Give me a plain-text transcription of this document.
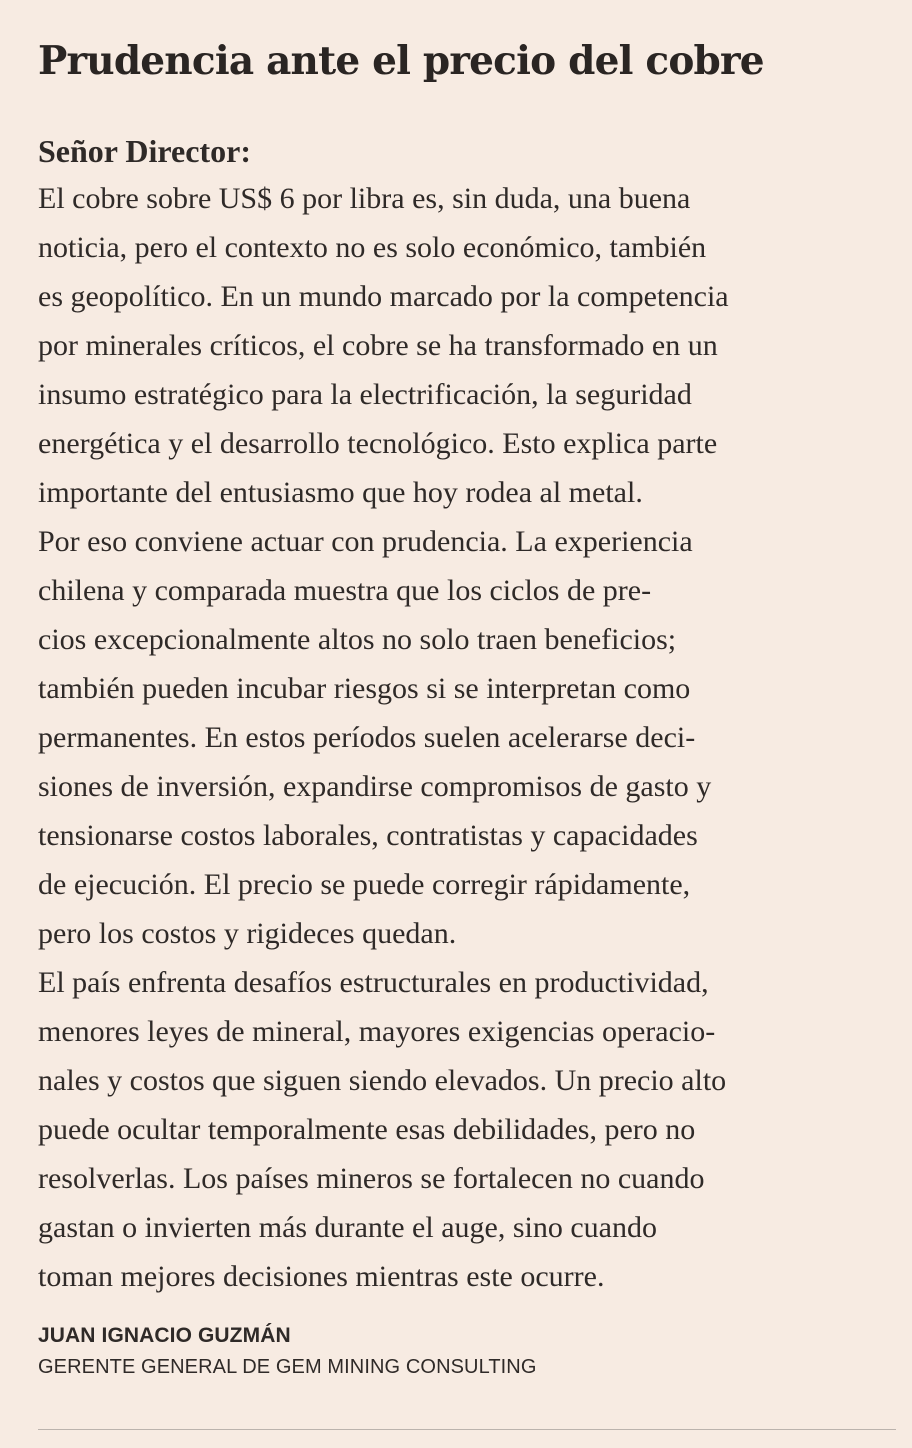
Prudencia ante el precio del cobre
Señor Director:

El cobre sobre US$ 6 por libra es, sin duda, una buena
noticia, pero el contexto no es solo económico, también
es geopolítico. En un mundo marcado por la competencia
por minerales críticos, el cobre se ha transformado en un
insumo estratégico para la electrificación, la seguridad
energética y el desarrollo tecnológico. Esto explica parte
importante del entusiasmo que hoy rodea al metal.

Por eso conviene actuar con prudencia. La experiencia
chilena y comparada muestra que los ciclos de pre-
cios excepcionalmente altos no solo traen beneficios;
también pueden incubar riesgos si se interpretan como
permanentes. En estos períodos suelen acelerarse deci-
siones de inversión, expandirse compromisos de gasto y
tensionarse costos laborales, contratistas y capacidades
de ejecución. El precio se puede corregir rápidamente,
pero los costos y rigideces quedan.

El país enfrenta desafíos estructurales en productividad,
menores leyes de mineral, mayores exigencias operacio-
nales y costos que siguen siendo elevados. Un precio alto
puede ocultar temporalmente esas debilidades, pero no
resolverlas. Los países mineros se fortalecen no cuando
gastan o invierten más durante el auge, sino cuando
toman mejores decisiones mientras este ocurre.

JUAN IGNACIO GUZMÁN
GERENTE GENERAL DE GEM MINING CONSULTING
